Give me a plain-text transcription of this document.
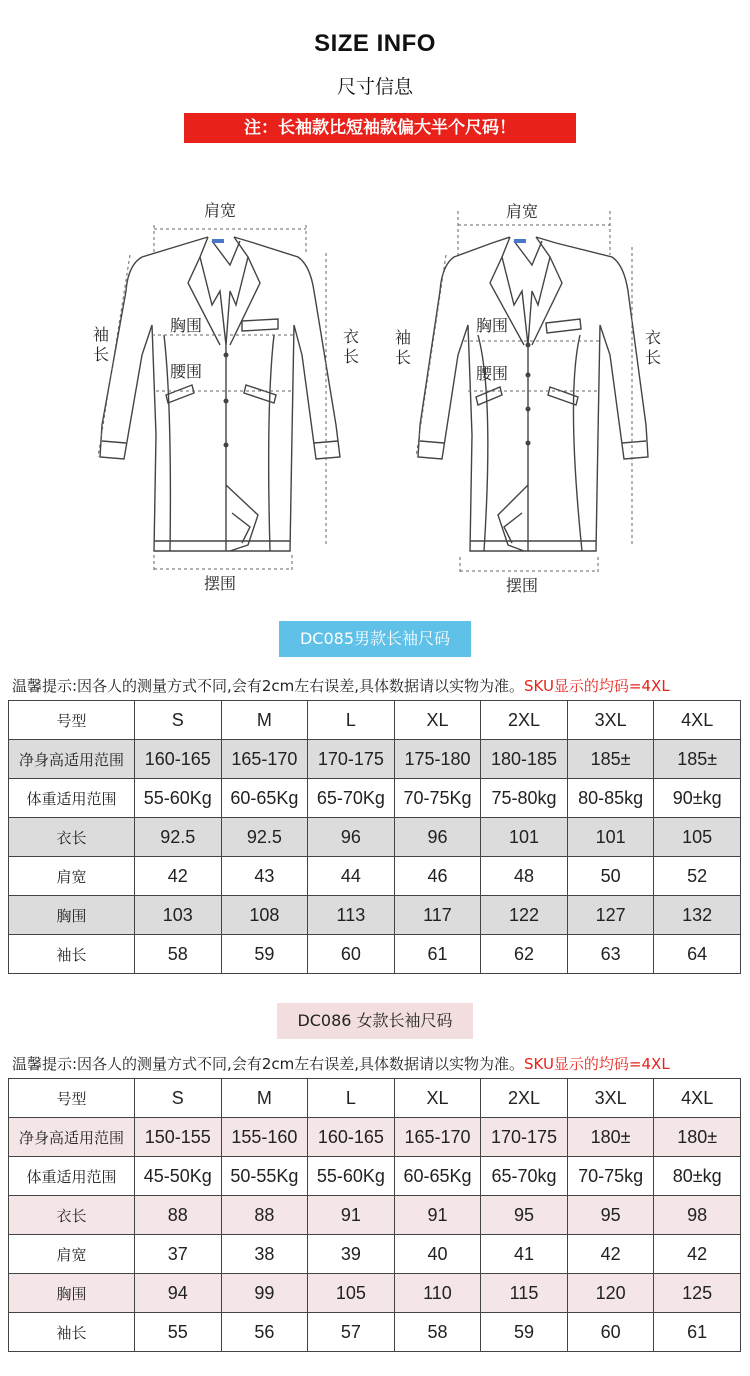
SIZE INFO
尺寸信息
注：长袖款比短袖款偏大半个尺码！
肩宽
胸围
腰围
袖长
衣长
摆围
肩宽
胸围
腰围
袖长
衣长
摆围
DC085男款长袖尺码
温馨提示:因各人的测量方式不同,会有2cm左右误差,具体数据请以实物为准。SKU显示的均码=4XL
号型	S	M	L	XL	2XL	3XL	4XL
净身高适用范围	160-165	165-170	170-175	175-180	180-185	185±	185±
体重适用范围	55-60Kg	60-65Kg	65-70Kg	70-75Kg	75-80kg	80-85kg	90±kg
衣长	92.5	92.5	96	96	101	101	105
肩宽	42	43	44	46	48	50	52
胸围	103	108	113	117	122	127	132
袖长	58	59	60	61	62	63	64
DC086 女款长袖尺码
温馨提示:因各人的测量方式不同,会有2cm左右误差,具体数据请以实物为准。SKU显示的均码=4XL
号型	S	M	L	XL	2XL	3XL	4XL
净身高适用范围	150-155	155-160	160-165	165-170	170-175	180±	180±
体重适用范围	45-50Kg	50-55Kg	55-60Kg	60-65Kg	65-70kg	70-75kg	80±kg
衣长	88	88	91	91	95	95	98
肩宽	37	38	39	40	41	42	42
胸围	94	99	105	110	115	120	125
袖长	55	56	57	58	59	60	61
